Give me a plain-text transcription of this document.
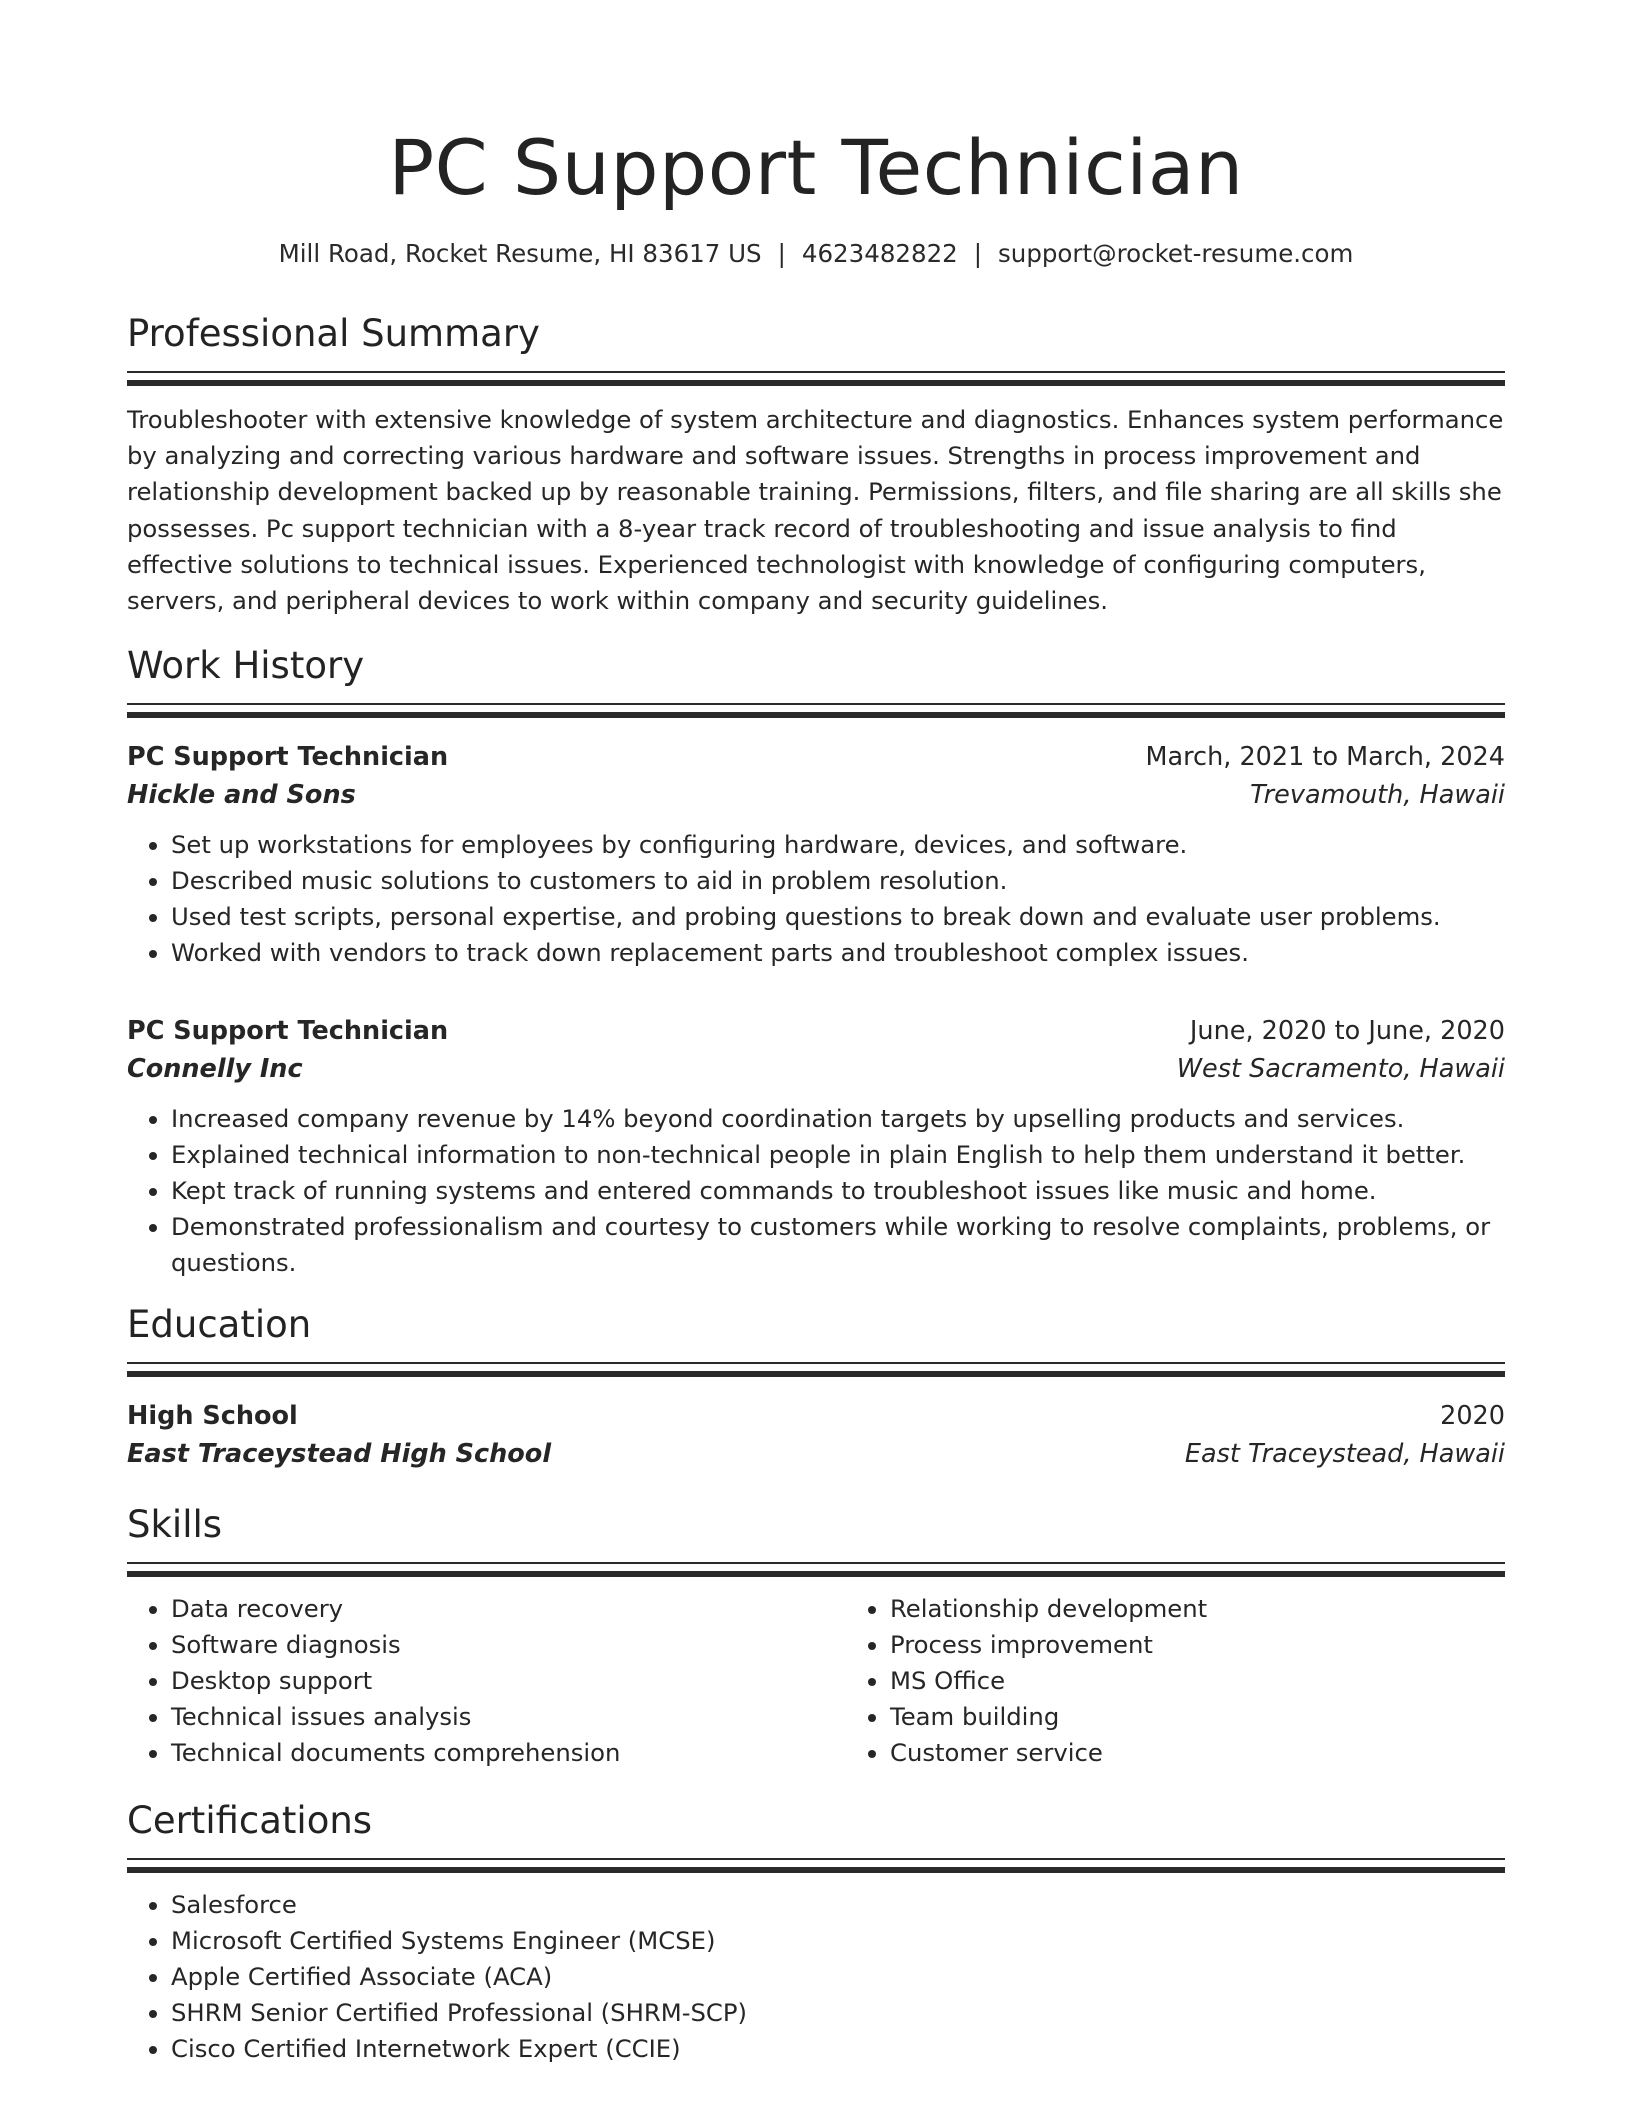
PC Support Technician
Mill Road, Rocket Resume, HI 83617 US | 4623482822 | support@rocket-resume.com
Professional Summary

Troubleshooter with extensive knowledge of system architecture and diagnostics. Enhances system performance by analyzing and correcting various hardware and software issues. Strengths in process improvement and relationship development backed up by reasonable training. Permissions, filters, and file sharing are all skills she possesses. Pc support technician with a 8-year track record of troubleshooting and issue analysis to find effective solutions to technical issues. Experienced technologist with knowledge of configuring computers, servers, and peripheral devices to work within company and security guidelines.

Work History
PC Support Technician	March, 2021 to March, 2024
Hickle and Sons	Trevamouth, Hawaii
• Set up workstations for employees by configuring hardware, devices, and software.
• Described music solutions to customers to aid in problem resolution.
• Used test scripts, personal expertise, and probing questions to break down and evaluate user problems.
• Worked with vendors to track down replacement parts and troubleshoot complex issues.
PC Support Technician	June, 2020 to June, 2020
Connelly Inc	West Sacramento, Hawaii
• Increased company revenue by 14% beyond coordination targets by upselling products and services.
• Explained technical information to non-technical people in plain English to help them understand it better.
• Kept track of running systems and entered commands to troubleshoot issues like music and home.
• Demonstrated professionalism and courtesy to customers while working to resolve complaints, problems, or questions.
Education
High School	2020
East Traceystead High School	East Traceystead, Hawaii
Skills
• Data recovery
• Software diagnosis
• Desktop support
• Technical issues analysis
• Technical documents comprehension
• Relationship development
• Process improvement
• MS Office
• Team building
• Customer service
Certifications
• Salesforce
• Microsoft Certified Systems Engineer (MCSE)
• Apple Certified Associate (ACA)
• SHRM Senior Certified Professional (SHRM-SCP)
• Cisco Certified Internetwork Expert (CCIE)
